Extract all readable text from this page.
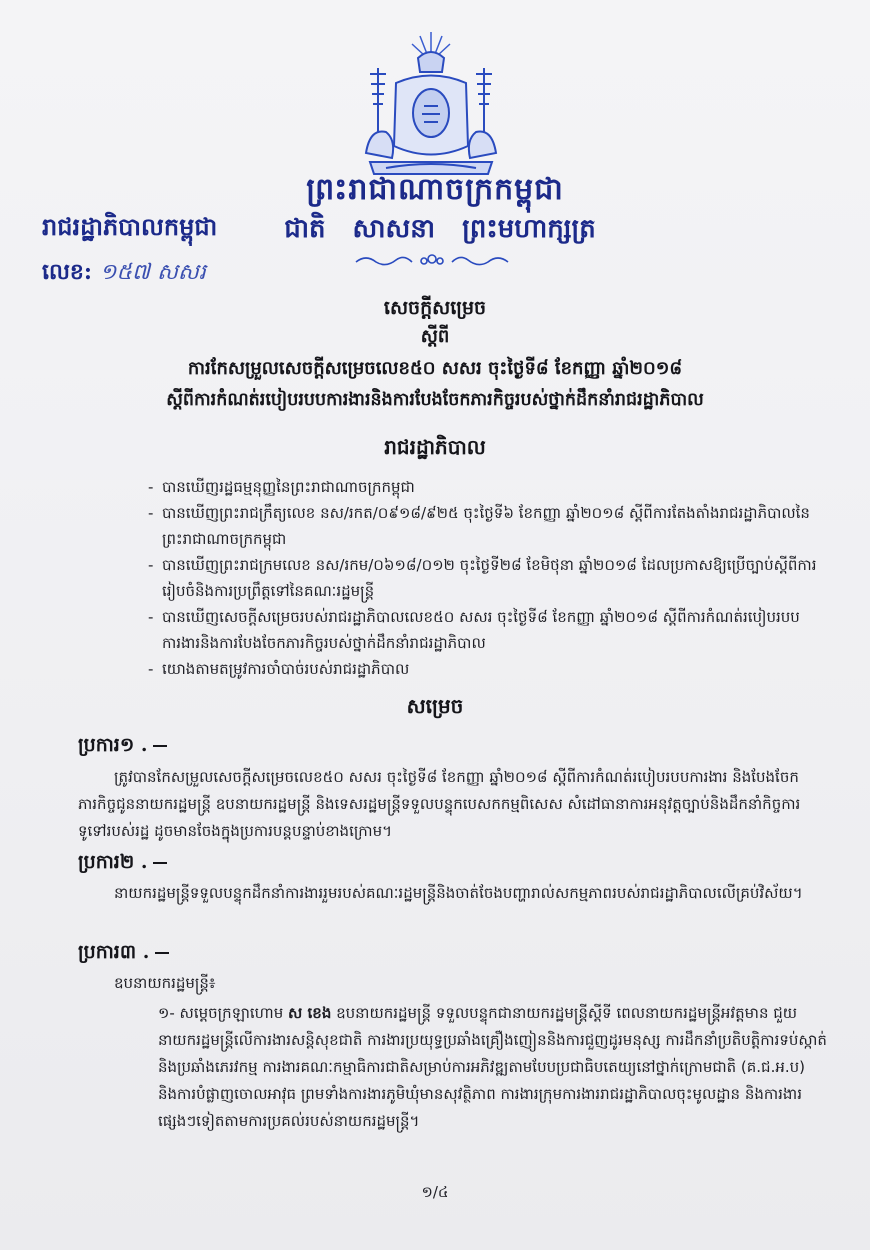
ព្រះរាជាណាចក្រកម្ពុជា
រាជរដ្ឋាភិបាលកម្ពុជា	ជាតិ សាសនា ព្រះមហាក្សត្រ
លេខ: ១៥៧ សសរ
សេចក្តីសម្រេច
ស្តីពី
ការកែសម្រួលសេចក្តីសម្រេចលេខ៥០ សសរ ចុះថ្ងៃទី៨ ខែកញ្ញា ឆ្នាំ២០១៨
ស្តីពីការកំណត់របៀបរបបការងារនិងការបែងចែកភារកិច្ចរបស់ថ្នាក់ដឹកនាំរាជរដ្ឋាភិបាល
រាជរដ្ឋាភិបាល
- បានឃើញរដ្ឋធម្មនុញ្ញនៃព្រះរាជាណាចក្រកម្ពុជា
- បានឃើញព្រះរាជក្រឹត្យលេខ នស/រកត/០៩១៨/៩២៥ ចុះថ្ងៃទី៦ ខែកញ្ញា ឆ្នាំ២០១៨ ស្តីពីការតែងតាំងរាជរដ្ឋាភិបាលនៃព្រះរាជាណាចក្រកម្ពុជា
- បានឃើញព្រះរាជក្រមលេខ នស/រកម/០៦១៨/០១២ ចុះថ្ងៃទី២៨ ខែមិថុនា ឆ្នាំ២០១៨ ដែលប្រកាសឱ្យប្រើច្បាប់ស្តីពីការរៀបចំនិងការប្រព្រឹត្តទៅនៃគណៈរដ្ឋមន្ត្រី
- បានឃើញសេចក្តីសម្រេចរបស់រាជរដ្ឋាភិបាលលេខ៥០ សសរ ចុះថ្ងៃទី៨ ខែកញ្ញា ឆ្នាំ២០១៨ ស្តីពីការកំណត់របៀបរបបការងារនិងការបែងចែកភារកិច្ចរបស់ថ្នាក់ដឹកនាំរាជរដ្ឋាភិបាល
- យោងតាមតម្រូវការចាំបាច់របស់រាជរដ្ឋាភិបាល
សម្រេច
ប្រការ១ .
ត្រូវបានកែសម្រួលសេចក្តីសម្រេចលេខ៥០ សសរ ចុះថ្ងៃទី៨ ខែកញ្ញា ឆ្នាំ២០១៨ ស្តីពីការកំណត់របៀបរបបការងារ និងបែងចែកភារកិច្ចជូននាយករដ្ឋមន្ត្រី ឧបនាយករដ្ឋមន្ត្រី និងទេសរដ្ឋមន្ត្រីទទួលបន្ទុកបេសកកម្មពិសេស សំដៅធានាការអនុវត្តច្បាប់និងដឹកនាំកិច្ចការទូទៅរបស់រដ្ឋ ដូចមានចែងក្នុងប្រការបន្តបន្ទាប់ខាងក្រោម។
ប្រការ២ .
នាយករដ្ឋមន្ត្រីទទួលបន្ទុកដឹកនាំការងាររួមរបស់គណៈរដ្ឋមន្ត្រីនិងចាត់ចែងបញ្ហារាល់សកម្មភាពរបស់រាជរដ្ឋាភិបាលលើគ្រប់វិស័យ។
ប្រការ៣ .
ឧបនាយករដ្ឋមន្ត្រី៖
១- សម្តេចក្រឡាហោម ស ខេង ឧបនាយករដ្ឋមន្ត្រី ទទួលបន្ទុកជានាយករដ្ឋមន្ត្រីស្តីទី ពេលនាយករដ្ឋមន្ត្រីអវត្តមាន ជួយនាយករដ្ឋមន្ត្រីលើការងារសន្តិសុខជាតិ ការងារប្រយុទ្ធប្រឆាំងគ្រឿងញៀននិងការជួញដូរមនុស្ស ការដឹកនាំប្រតិបត្តិការទប់ស្កាត់និងប្រឆាំងភេរវកម្ម ការងារគណៈកម្មាធិការជាតិសម្រាប់ការអភិវឌ្ឍតាមបែបប្រជាធិបតេយ្យនៅថ្នាក់ក្រោមជាតិ (គ.ជ.អ.ប) និងការបំផ្លាញចោលអាវុធ ព្រមទាំងការងារភូមិឃុំមានសុវត្ថិភាព ការងារក្រុមការងាររាជរដ្ឋាភិបាលចុះមូលដ្ឋាន និងការងារផ្សេងៗទៀតតាមការប្រគល់របស់នាយករដ្ឋមន្ត្រី។
១/៤
